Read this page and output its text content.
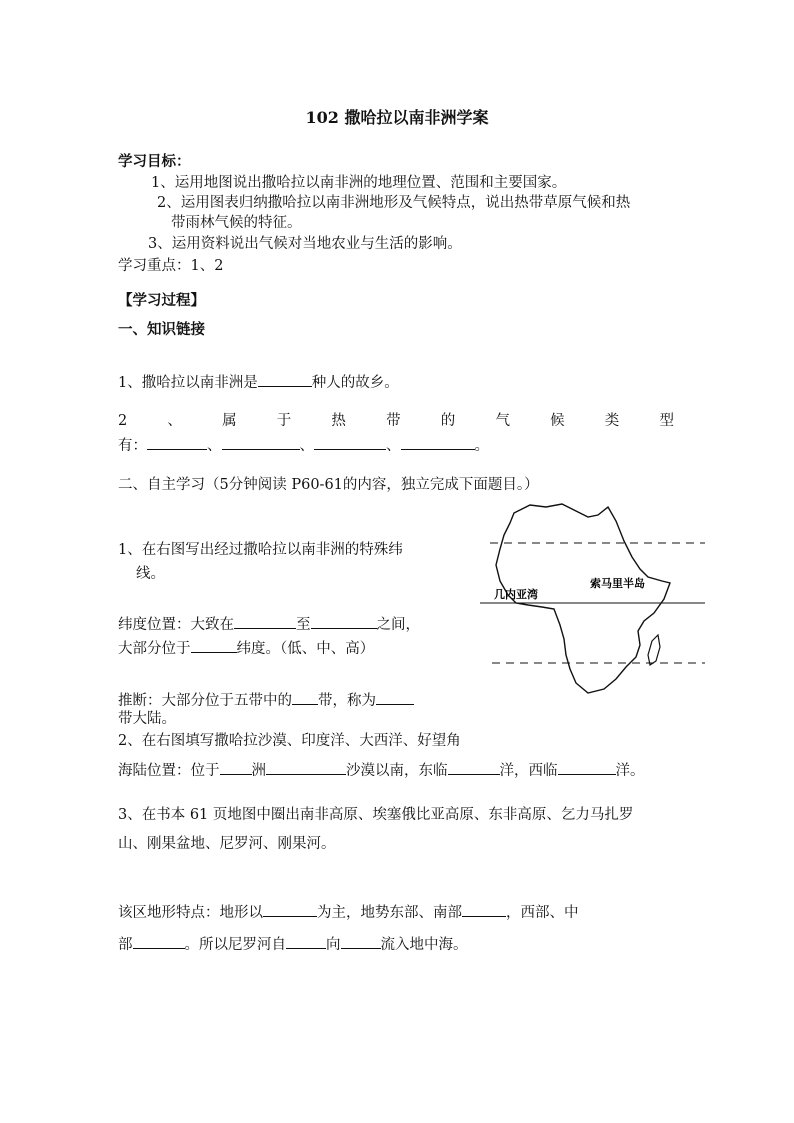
102 撒哈拉以南非洲学案
学习目标：
1、运用地图说出撒哈拉以南非洲的地理位置、范围和主要国家。
2、运用图表归纳撒哈拉以南非洲地形及气候特点，说出热带草原气候和热
带雨林气候的特征。
3、运用资料说出气候对当地农业与生活的影响。
学习重点：1、2
【学习过程】
一、知识链接
1、撒哈拉以南非洲是	种人的故乡。
2	、	属	于	热	带	的	气	候	类	型
有：	、	、	、	。
二、自主学习（5分钟阅读 P60-61的内容，独立完成下面题目。）
1、在右图写出经过撒哈拉以南非洲的特殊纬
线。
纬度位置：大致在	至	之间，
大部分位于	纬度。（低、中、高）
推断：大部分位于五带中的 带，称为
带大陆。
2、在右图填写撒哈拉沙漠、印度洋、大西洋、好望角
海陆位置：位于 洲	沙漠以南，东临	洋，西临	洋。
3、在书本 61 页地图中圈出南非高原、埃塞俄比亚高原、东非高原、乞力马扎罗
山、刚果盆地、尼罗河、刚果河。
该区地形特点：地形以	为主，地势东部、南部	，西部、中
部	。所以尼罗河自	向	流入地中海。
索马里半岛
几内亚湾
